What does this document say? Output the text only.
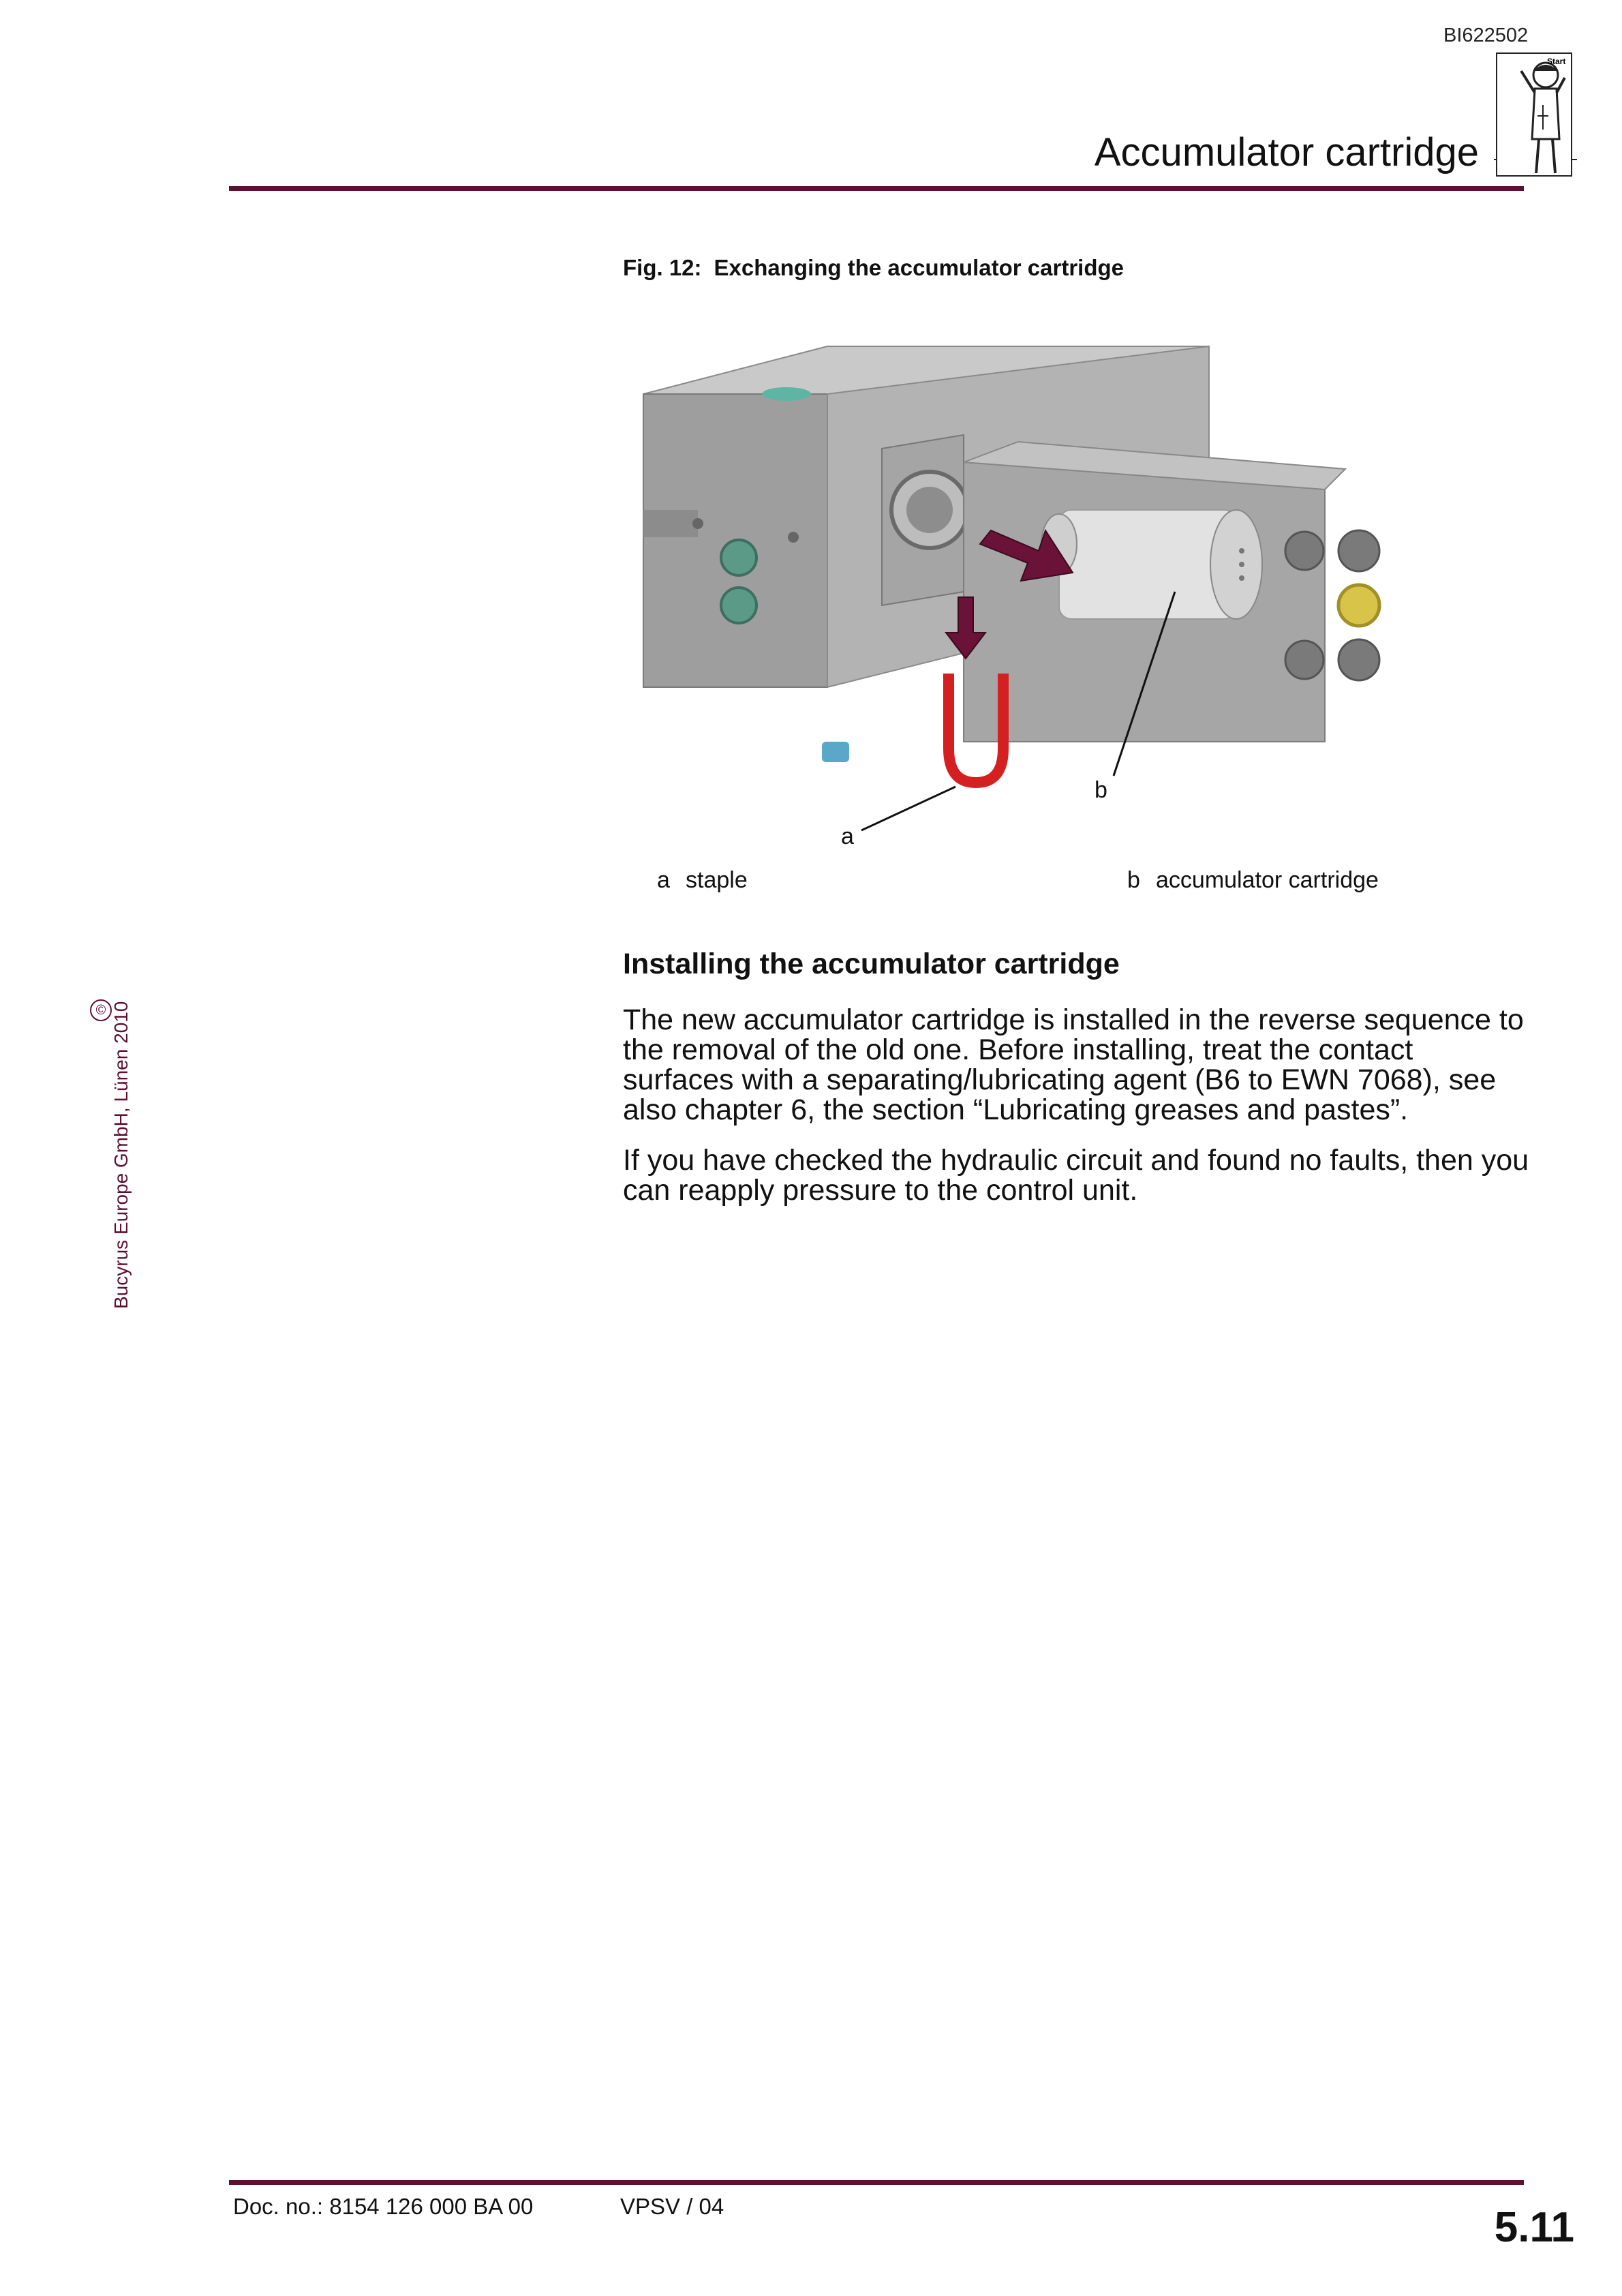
BI622502
Start
Accumulator cartridge
Fig. 12: Exchanging the accumulator cartridge
a
b
a staple	b accumulator cartridge
Installing the accumulator cartridge
The new accumulator cartridge is installed in the reverse sequence to the removal of the old one. Before installing, treat the contact surfaces with a separating/lubricating agent (B6 to EWN 7068), see also chapter 6, the section “Lubricating greases and pastes”.
If you have checked the hydraulic circuit and found no faults, then you can reapply pressure to the control unit.
Bucyrus Europe GmbH, Lünen 2010
©
Doc. no.: 8154 126 000 BA 00	VPSV / 04	5.11
